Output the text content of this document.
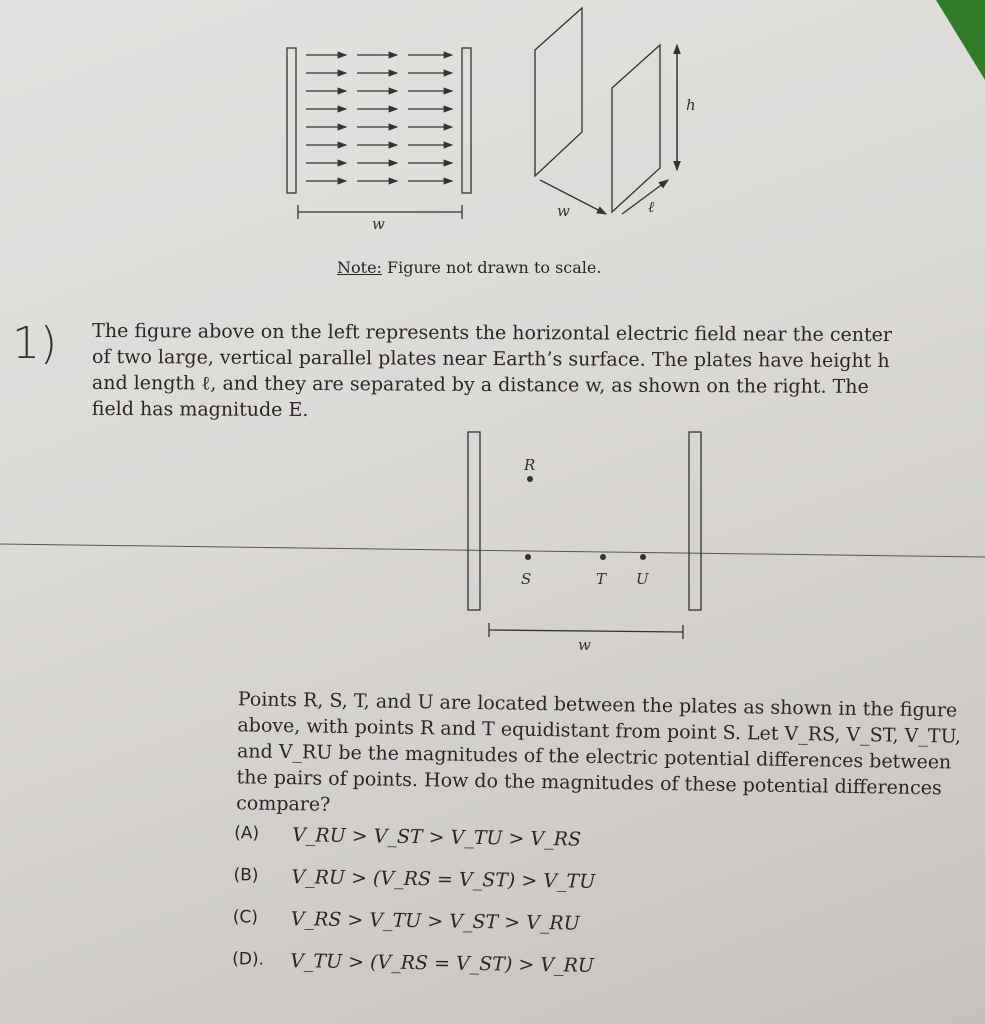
w
h
w	ℓ
R
S	T U
w
Note: Figure not drawn to scale.
1) The figure above on the left represents the horizontal electric field near the center of two large, vertical parallel plates near Earth’s surface. The plates have height h and length ℓ, and they are separated by a distance w, as shown on the right. The field has magnitude E.
Points R, S, T, and U are located between the plates as shown in the figure above, with points R and T equidistant from point S. Let V_RS, V_ST, V_TU, and V_RU be the magnitudes of the electric potential differences between the pairs of points. How do the magnitudes of these potential differences compare?
(A)	V_RU > V_ST > V_TU > V_RS
(B)	V_RU > (V_RS = V_ST) > V_TU
(C)	V_RS > V_TU > V_ST > V_RU
(D).	V_TU > (V_RS = V_ST) > V_RU
